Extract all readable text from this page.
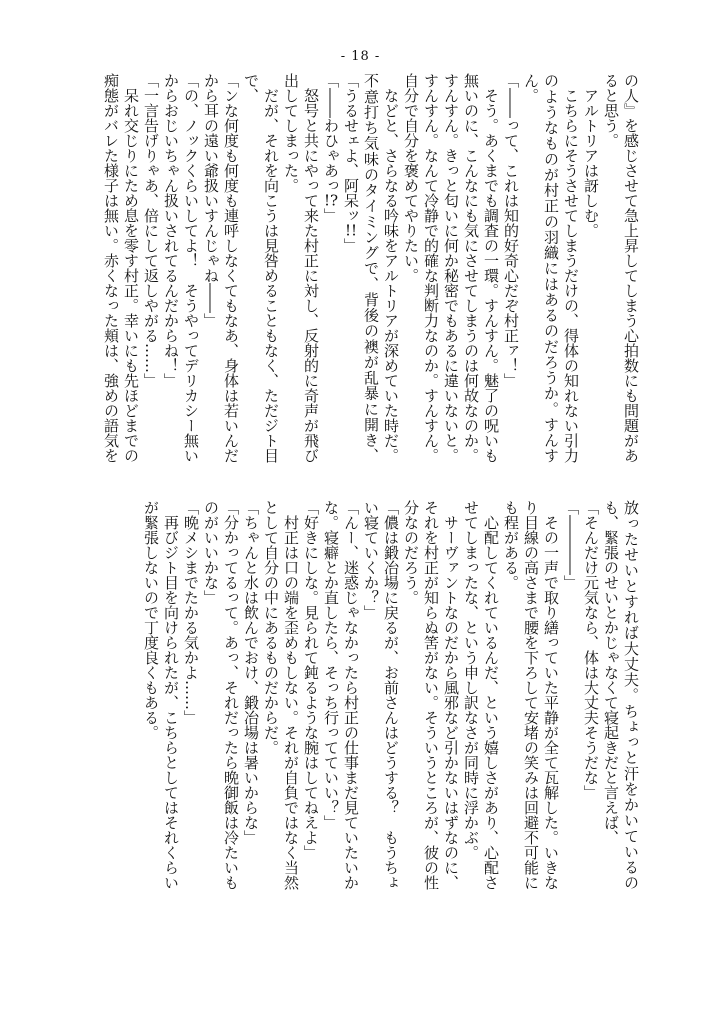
- 18 -
の人』を感じさせて急上昇してしまう心拍数にも問題があ
ると思う。
　アルトリアは訝しむ。
　こちらにそうさせてしまうだけの、得体の知れない引力
のようなものが村正の羽織にはあるのだろうか。すんす
ん。
「――って、これは知的好奇心だぞ村正ァ！」
　そう。あくまでも調査の一環。すんすん。魅了の呪いも
無いのに、こんなにも気にさせてしまうのは何故なのか。
すんすん。きっと匂いに何か秘密でもあるに違いないと。
すんすん。なんて冷静で的確な判断力なのか。すんすん。
自分で自分を褒めてやりたい。
　などと、さらなる吟味をアルトリアが深めていた時だ。
不意打ち気味のタイミングで、背後の襖が乱暴に開き、
「うるせェよ、阿呆ッ!!」
「――わひゃあっ!?」
　怒号と共にやって来た村正に対し、反射的に奇声が飛び
出してしまった。
　だが、それを向こうは見咎めることもなく、ただジト目
で、
「ンな何度も何度も連呼しなくてもなあ、身体は若いんだ
から耳の遠い爺扱いすんじゃね――」
「の、ノックくらいしてよ！　そうやってデリカシー無い
からおじいちゃん扱いされてるんだからね！」
「一言告げりゃあ、倍にして返しやがる……」
　呆れ交じりにため息を零す村正。幸いにも先ほどまでの
痴態がバレた様子は無い。赤くなった頬は、強めの語気を
放ったせいとすれば大丈夫。ちょっと汗をかいているの
も、緊張のせいとかじゃなくて寝起きだと言えば、
「そんだけ元気なら、体は大丈夫そうだな」
「――――」
　その一声で取り繕っていた平静が全て瓦解した。いきな
り目線の高さまで腰を下ろして安堵の笑みは回避不可能に
も程がある。
　心配してくれているんだ、という嬉しさがあり、心配さ
せてしまったな、という申し訳なさが同時に浮かぶ。
　サーヴァントなのだから風邪など引かないはずなのに、
それを村正が知らぬ筈がない。そういうところが、彼の性
分なのだろう。
「儂は鍛冶場に戻るが、お前さんはどうする？　もうちょ
い寝ていくか？」
「んー、迷惑じゃなかったら村正の仕事まだ見ていたいか
な。寝癖とか直したら、そっち行ってていい？」
「好きにしな。見られて鈍るような腕はしてねえよ」
　村正は口の端を歪めもしない。それが自負ではなく当然
として自分の中にあるものだからだ。
「ちゃんと水は飲んでおけ、鍛冶場は暑いからな」
「分かってるって。あっ、それだったら晩御飯は冷たいも
のがいいかな」
「晩メシまでたかる気かよ……」
　再びジト目を向けられたが、こちらとしてはそれくらい
が緊張しないので丁度良くもある。
